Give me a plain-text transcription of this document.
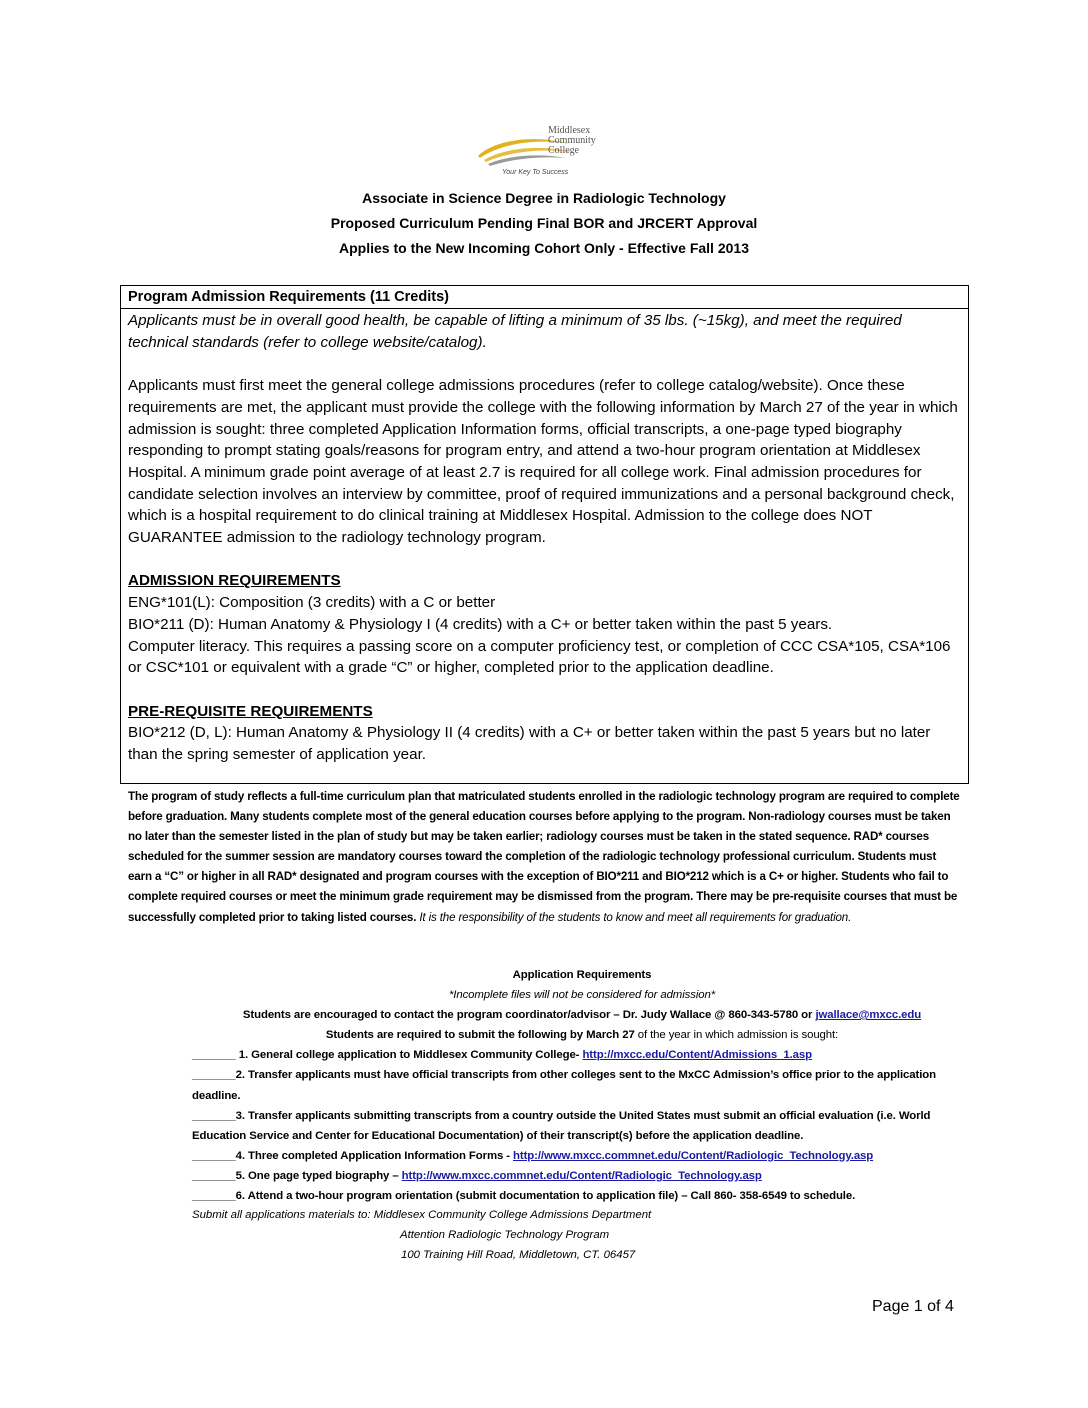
Middlesex
Community
College
Your Key To Success
Associate in Science Degree in Radiologic Technology
Proposed Curriculum Pending Final BOR and JRCERT Approval
Applies to the New Incoming Cohort Only - Effective Fall 2013
Program Admission Requirements (11 Credits)

Applicants must be in overall good health, be capable of lifting a minimum of 35 lbs. (~15kg), and meet the required technical standards (refer to college website/catalog).

Applicants must first meet the general college admissions procedures (refer to college catalog/website). Once these requirements are met, the applicant must provide the college with the following information by March 27 of the year in which admission is sought: three completed Application Information forms, official transcripts, a one-page typed biography responding to prompt stating goals/reasons for program entry, and attend a two-hour program orientation at Middlesex Hospital. A minimum grade point average of at least 2.7 is required for all college work. Final admission procedures for candidate selection involves an interview by committee, proof of required immunizations and a personal background check, which is a hospital requirement to do clinical training at Middlesex Hospital. Admission to the college does NOT GUARANTEE admission to the radiology technology program.

ADMISSION REQUIREMENTS

ENG*101(L): Composition (3 credits) with a C or better

BIO*211 (D): Human Anatomy & Physiology I (4 credits) with a C+ or better taken within the past 5 years.

Computer literacy. This requires a passing score on a computer proficiency test, or completion of CCC CSA*105, CSA*106 or CSC*101 or equivalent with a grade “C” or higher, completed prior to the application deadline.

PRE-REQUISITE REQUIREMENTS

BIO*212 (D, L): Human Anatomy & Physiology II (4 credits) with a C+ or better taken within the past 5 years but no later than the spring semester of application year.

The program of study reflects a full-time curriculum plan that matriculated students enrolled in the radiologic technology program are required to complete before graduation. Many students complete most of the general education courses before applying to the program. Non-radiology courses must be taken no later than the semester listed in the plan of study but may be taken earlier; radiology courses must be taken in the stated sequence. RAD* courses scheduled for the summer session are mandatory courses toward the completion of the radiologic technology professional curriculum. Students must earn a “C” or higher in all RAD* designated and program courses with the exception of BIO*211 and BIO*212 which is a C+ or higher. Students who fail to complete required courses or meet the minimum grade requirement may be dismissed from the program. There may be pre-requisite courses that must be successfully completed prior to taking listed courses. It is the responsibility of the students to know and meet all requirements for graduation.
Application Requirements
*Incomplete files will not be considered for admission*
Students are encouraged to contact the program coordinator/advisor – Dr. Judy Wallace @ 860-343-5780 or jwallace@mxcc.edu
Students are required to submit the following by March 27 of the year in which admission is sought:
_______ 1. General college application to Middlesex Community College- http://mxcc.edu/Content/Admissions_1.asp
_______2. Transfer applicants must have official transcripts from other colleges sent to the MxCC Admission’s office prior to the application deadline.
_______3. Transfer applicants submitting transcripts from a country outside the United States must submit an official evaluation (i.e. World Education Service and Center for Educational Documentation) of their transcript(s) before the application deadline.
_______4. Three completed Application Information Forms - http://www.mxcc.commnet.edu/Content/Radiologic_Technology.asp
_______5. One page typed biography – http://www.mxcc.commnet.edu/Content/Radiologic_Technology.asp
_______6. Attend a two-hour program orientation (submit documentation to application file) – Call 860- 358-6549 to schedule.
Submit all applications materials to: Middlesex Community College Admissions Department
Attention Radiologic Technology Program
100 Training Hill Road, Middletown, CT. 06457
Page 1 of 4
